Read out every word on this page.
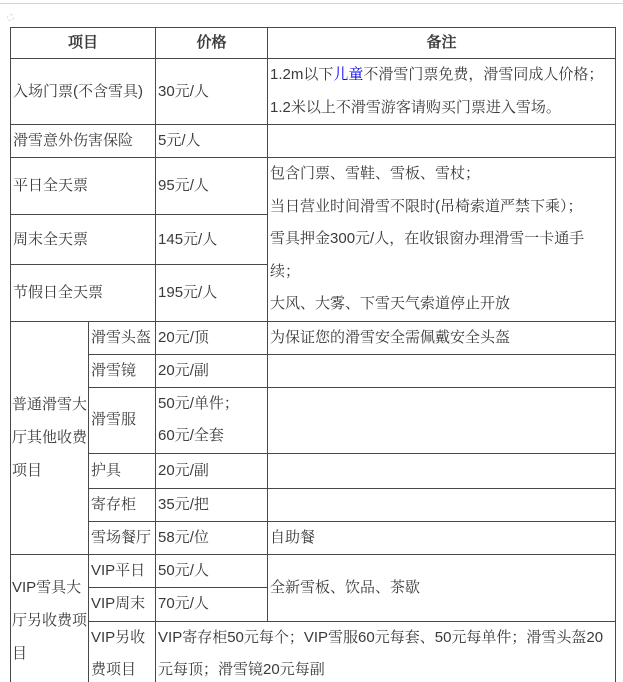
项目		价格	备注
入场门票(不含雪具)		30元/人	1.2m以下儿童不滑雪门票免费，滑雪同成人价格；
1.2米以上不滑雪游客请购买门票进入雪场。

滑雪意外伤害保险		5元/人	
平日全天票		95元/人	包含门票、雪鞋、雪板、雪杖；
当日营业时间滑雪不限时(吊椅索道严禁下乘）；
雪具押金300元/人，在收银窗办理滑雪一卡通手续；
大风、大雾、下雪天气索道停止开放

周末全天票		145元/人	
节假日全天票		195元/人	
普通滑雪大厅其他收费项目	滑雪头盔	20元/顶	为保证您的滑雪安全需佩戴安全头盔
	滑雪镜	20元/副	
	滑雪服	50元/单件；
60元/全套	

	护具	20元/副	
	寄存柜	35元/把	
	雪场餐厅	58元/位	自助餐
VIP雪具大厅另收费项目	VIP平日	50元/人	全新雪板、饮品、茶歇
	VIP周末	70元/人	
	VIP另收费项目	VIP寄存柜50元每个；VIP雪服60元每套、50元每单件；滑雪头盔20元每顶；滑雪镜20元每副	
